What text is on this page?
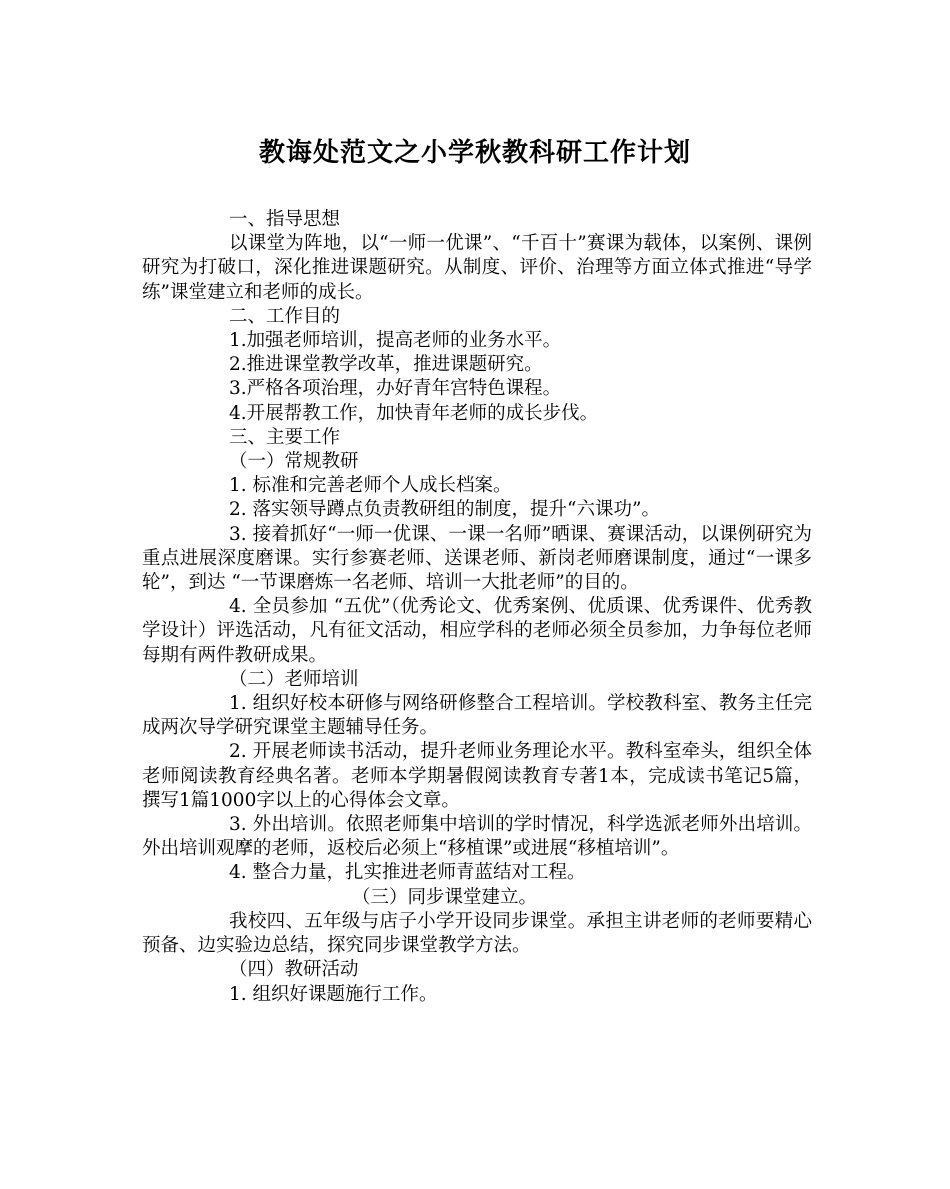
教诲处范文之小学秋教科研工作计划

一、指导思想

以课堂为阵地，以“一师一优课”、“千百十”赛课为载体，以案例、课例研究为打破口，深化推进课题研究。从制度、评价、治理等方面立体式推进“导学练”课堂建立和老师的成长。

二、工作目的

1.加强老师培训，提高老师的业务水平。

2.推进课堂教学改革，推进课题研究。

3.严格各项治理，办好青年宫特色课程。

4.开展帮教工作，加快青年老师的成长步伐。

三、主要工作

（一）常规教研

1. 标准和完善老师个人成长档案。

2. 落实领导蹲点负责教研组的制度，提升“六课功”。

3. 接着抓好“一师一优课、一课一名师”晒课、赛课活动，以课例研究为重点进展深度磨课。实行参赛老师、送课老师、新岗老师磨课制度，通过“一课多轮”，到达 “一节课磨炼一名老师、培训一大批老师”的目的。

4. 全员参加 “五优”（优秀论文、优秀案例、优质课、优秀课件、优秀教学设计）评选活动，凡有征文活动，相应学科的老师必须全员参加，力争每位老师每期有两件教研成果。

（二）老师培训

1. 组织好校本研修与网络研修整合工程培训。学校教科室、教务主任完成两次导学研究课堂主题辅导任务。

2. 开展老师读书活动，提升老师业务理论水平。教科室牵头，组织全体老师阅读教育经典名著。老师本学期暑假阅读教育专著1本，完成读书笔记5篇，撰写1篇1000字以上的心得体会文章。

3. 外出培训。依照老师集中培训的学时情况，科学选派老师外出培训。外出培训观摩的老师，返校后必须上“移植课”或进展“移植培训”。

4. 整合力量，扎实推进老师青蓝结对工程。

（三）同步课堂建立。

我校四、五年级与店子小学开设同步课堂。承担主讲老师的老师要精心预备、边实验边总结，探究同步课堂教学方法。

（四）教研活动

1. 组织好课题施行工作。
